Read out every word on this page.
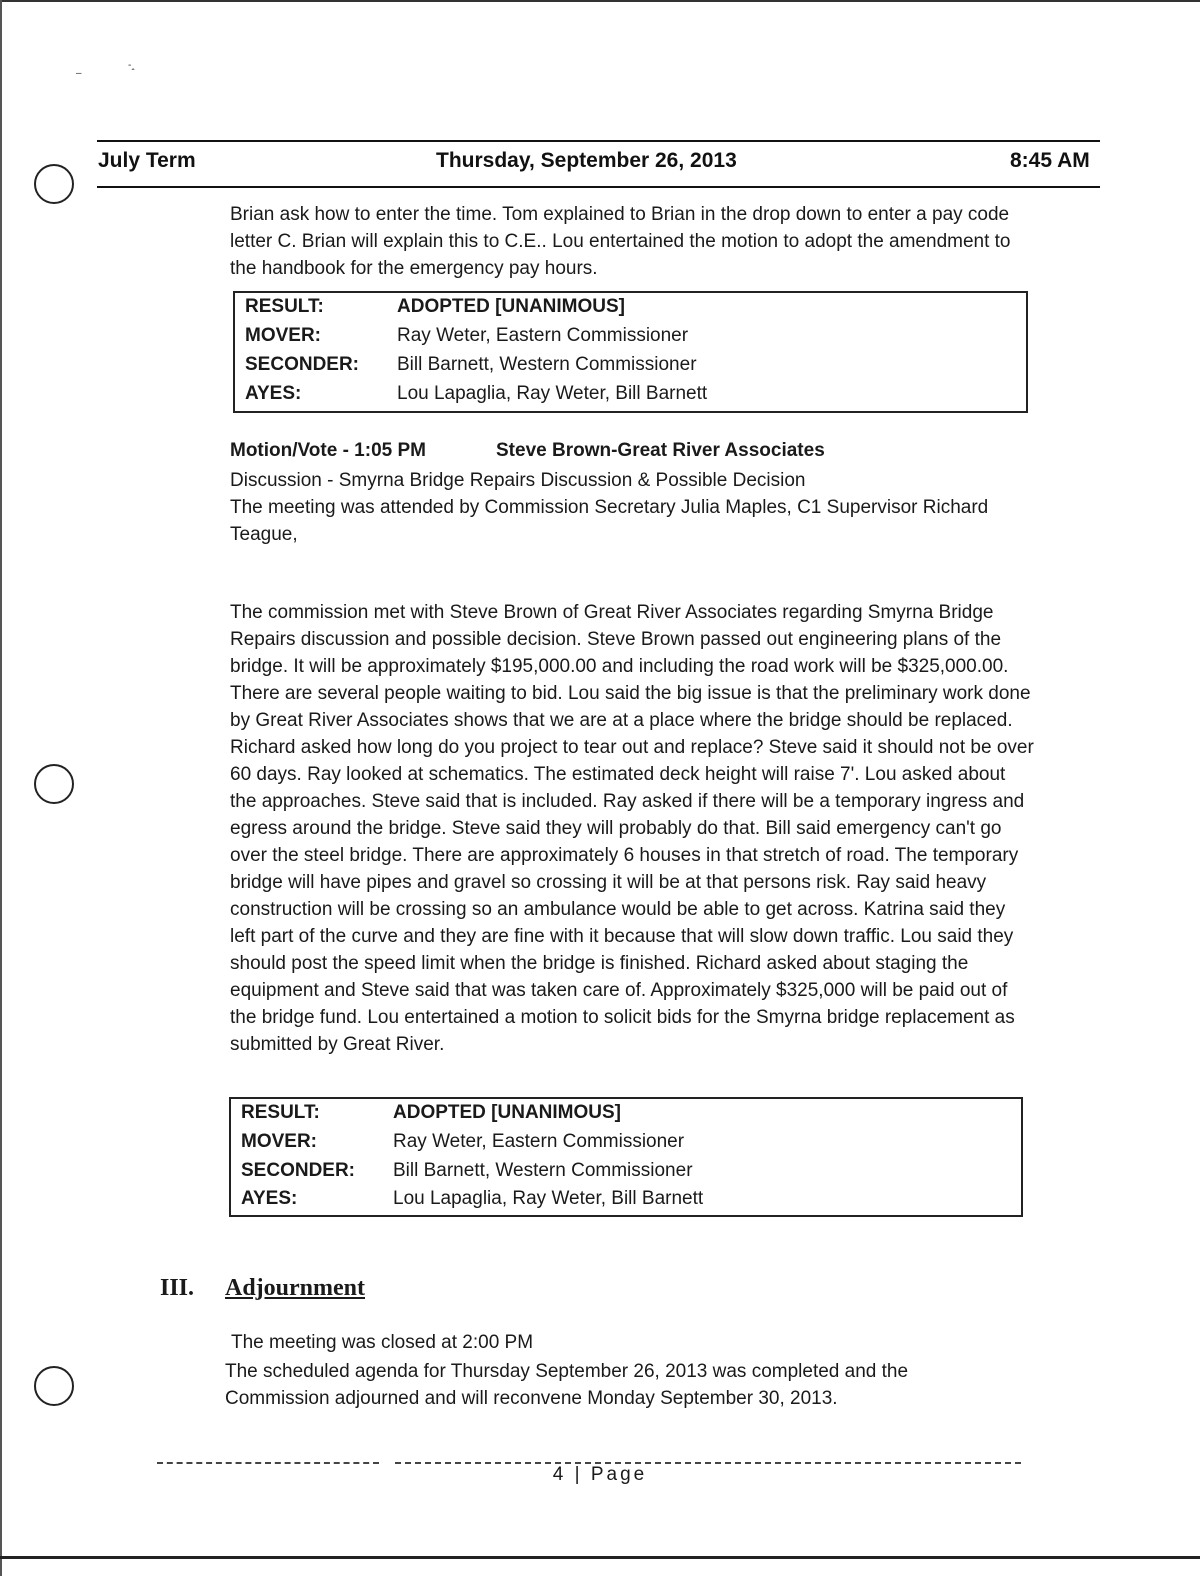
-ꞈ
–
July Term	Thursday, September 26, 2013	8:45 AM
Brian ask how to enter the time. Tom explained to Brian in the drop down to enter a pay code letter C. Brian will explain this to C.E.. Lou entertained the motion to adopt the amendment to the handbook for the emergency pay hours.
RESULT:	ADOPTED [UNANIMOUS]
MOVER:	Ray Weter, Eastern Commissioner
SECONDER: Bill Barnett, Western Commissioner
AYES:	Lou Lapaglia, Ray Weter, Bill Barnett
Motion/Vote - 1:05 PM	Steve Brown-Great River Associates
Discussion - Smyrna Bridge Repairs Discussion & Possible Decision
The meeting was attended by Commission Secretary Julia Maples, C1 Supervisor Richard Teague,
The commission met with Steve Brown of Great River Associates regarding Smyrna Bridge Repairs discussion and possible decision. Steve Brown passed out engineering plans of the bridge. It will be approximately $195,000.00 and including the road work will be $325,000.00. There are several people waiting to bid. Lou said the big issue is that the preliminary work done by Great River Associates shows that we are at a place where the bridge should be replaced. Richard asked how long do you project to tear out and replace? Steve said it should not be over 60 days. Ray looked at schematics. The estimated deck height will raise 7'. Lou asked about the approaches. Steve said that is included. Ray asked if there will be a temporary ingress and egress around the bridge. Steve said they will probably do that. Bill said emergency can't go over the steel bridge. There are approximately 6 houses in that stretch of road. The temporary bridge will have pipes and gravel so crossing it will be at that persons risk. Ray said heavy construction will be crossing so an ambulance would be able to get across. Katrina said they left part of the curve and they are fine with it because that will slow down traffic. Lou said they should post the speed limit when the bridge is finished. Richard asked about staging the equipment and Steve said that was taken care of. Approximately $325,000 will be paid out of the bridge fund. Lou entertained a motion to solicit bids for the Smyrna bridge replacement as submitted by Great River.
RESULT:	ADOPTED [UNANIMOUS]
MOVER:	Ray Weter, Eastern Commissioner
SECONDER: Bill Barnett, Western Commissioner
AYES:	Lou Lapaglia, Ray Weter, Bill Barnett
III. Adjournment
The meeting was closed at 2:00 PM
The scheduled agenda for Thursday September 26, 2013 was completed and the Commission adjourned and will reconvene Monday September 30, 2013.
4 | Page
